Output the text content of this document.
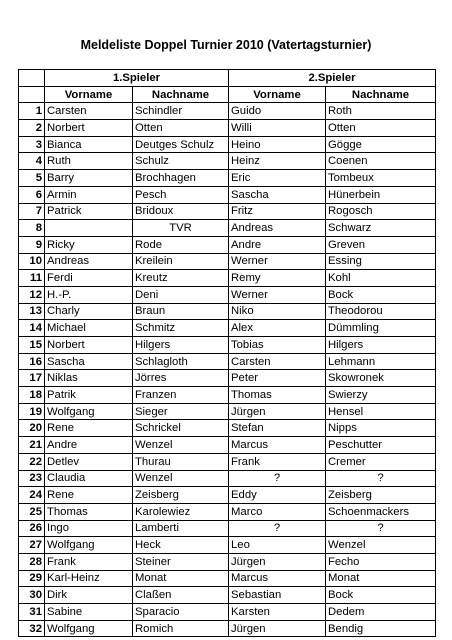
Meldeliste Doppel Turnier 2010 (Vatertagsturnier)
	1.Spieler		2.Spieler	
	Vorname	Nachname	Vorname	Nachname
1	Carsten	Schindler	Guido	Roth
2	Norbert	Otten	Willi	Otten
3	Bianca	Deutges Schulz	Heino	Gögge
4	Ruth	Schulz	Heinz	Coenen
5	Barry	Brochhagen	Eric	Tombeux
6	Armin	Pesch	Sascha	Hünerbein
7	Patrick	Bridoux	Fritz	Rogosch
8		TVR	Andreas	Schwarz
9	Ricky	Rode	Andre	Greven
10	Andreas	Kreilein	Werner	Essing
11	Ferdi	Kreutz	Remy	Kohl
12	H.-P.	Deni	Werner	Bock
13	Charly	Braun	Niko	Theodorou
14	Michael	Schmitz	Alex	Dümmling
15	Norbert	Hilgers	Tobias	Hilgers
16	Sascha	Schlagloth	Carsten	Lehmann
17	Niklas	Jörres	Peter	Skowronek
18	Patrik	Franzen	Thomas	Swierzy
19	Wolfgang	Sieger	Jürgen	Hensel
20	Rene	Schrickel	Stefan	Nipps
21	Andre	Wenzel	Marcus	Peschutter
22	Detlev	Thurau	Frank	Cremer
23	Claudia	Wenzel	?	?
24	Rene	Zeisberg	Eddy	Zeisberg
25	Thomas	Karolewiez	Marco	Schoenmackers
26	Ingo	Lamberti	?	?
27	Wolfgang	Heck	Leo	Wenzel
28	Frank	Steiner	Jürgen	Fecho
29	Karl-Heinz	Monat	Marcus	Monat
30	Dirk	Claßen	Sebastian	Bock
31	Sabine	Sparacio	Karsten	Dedem
32	Wolfgang	Romich	Jürgen	Bendig
